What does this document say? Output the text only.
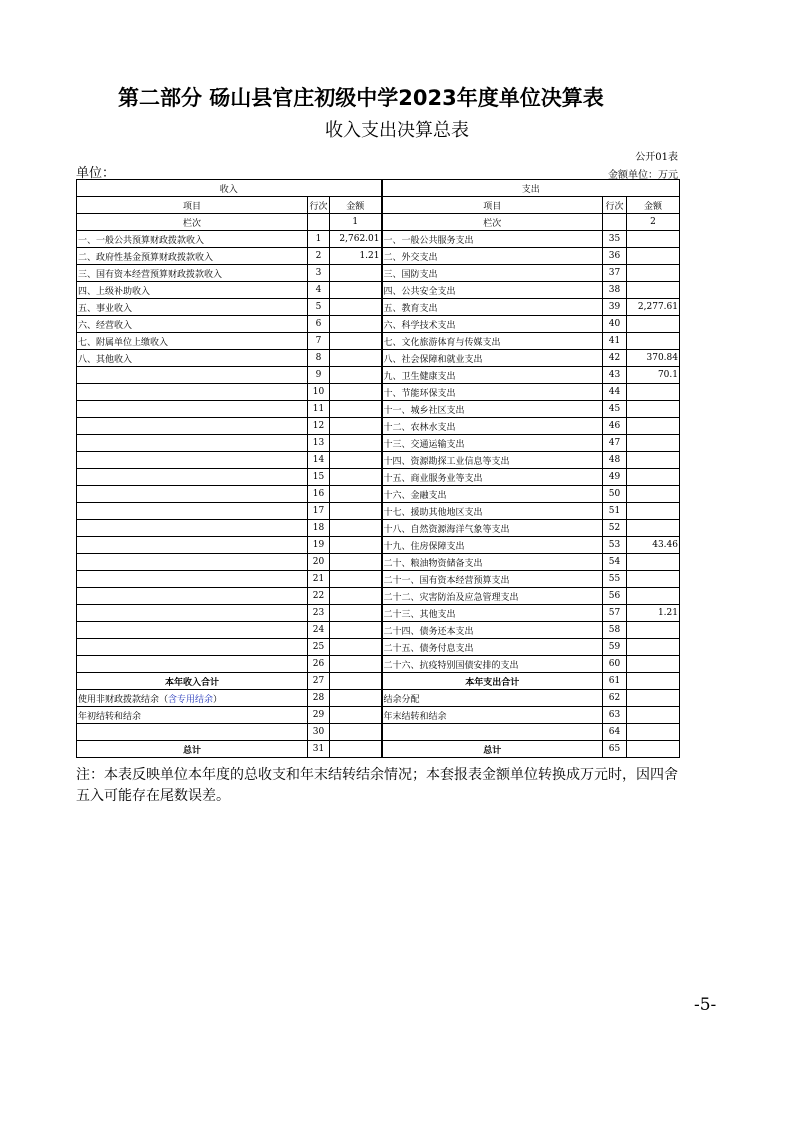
第二部分 砀山县官庄初级中学2023年度单位决算表
收入支出决算总表
公开01表
单位：	金额单位：万元
收入			支出		
项目	行次	金额	项目	行次	金额
栏次		1	栏次		2
一、一般公共预算财政拨款收入	1	2,762.01	一、一般公共服务支出	35	
二、政府性基金预算财政拨款收入	2	1.21	二、外交支出	36	
三、国有资本经营预算财政拨款收入	3		三、国防支出	37	
四、上级补助收入	4		四、公共安全支出	38	
五、事业收入	5		五、教育支出	39	2,277.61
六、经营收入	6		六、科学技术支出	40	
七、附属单位上缴收入	7		七、文化旅游体育与传媒支出	41	
八、其他收入	8		八、社会保障和就业支出	42	370.84
	9		九、卫生健康支出	43	70.1
	10		十、节能环保支出	44	
	11		十一、城乡社区支出	45	
	12		十二、农林水支出	46	
	13		十三、交通运输支出	47	
	14		十四、资源勘探工业信息等支出	48	
	15		十五、商业服务业等支出	49	
	16		十六、金融支出	50	
	17		十七、援助其他地区支出	51	
	18		十八、自然资源海洋气象等支出	52	
	19		十九、住房保障支出	53	43.46
	20		二十、粮油物资储备支出	54	
	21		二十一、国有资本经营预算支出	55	
	22		二十二、灾害防治及应急管理支出	56	
	23		二十三、其他支出	57	1.21
	24		二十四、债务还本支出	58	
	25		二十五、债务付息支出	59	
	26		二十六、抗疫特别国债安排的支出	60	
本年收入合计	27		本年支出合计	61	
使用非财政拨款结余（含专用结余）	28		结余分配	62	
年初结转和结余	29		年末结转和结余	63	
	30			64	
总计	31		总计	65	
注：本表反映单位本年度的总收支和年末结转结余情况；本套报表金额单位转换成万元时，因四舍五入可能存在尾数误差。
-5-
